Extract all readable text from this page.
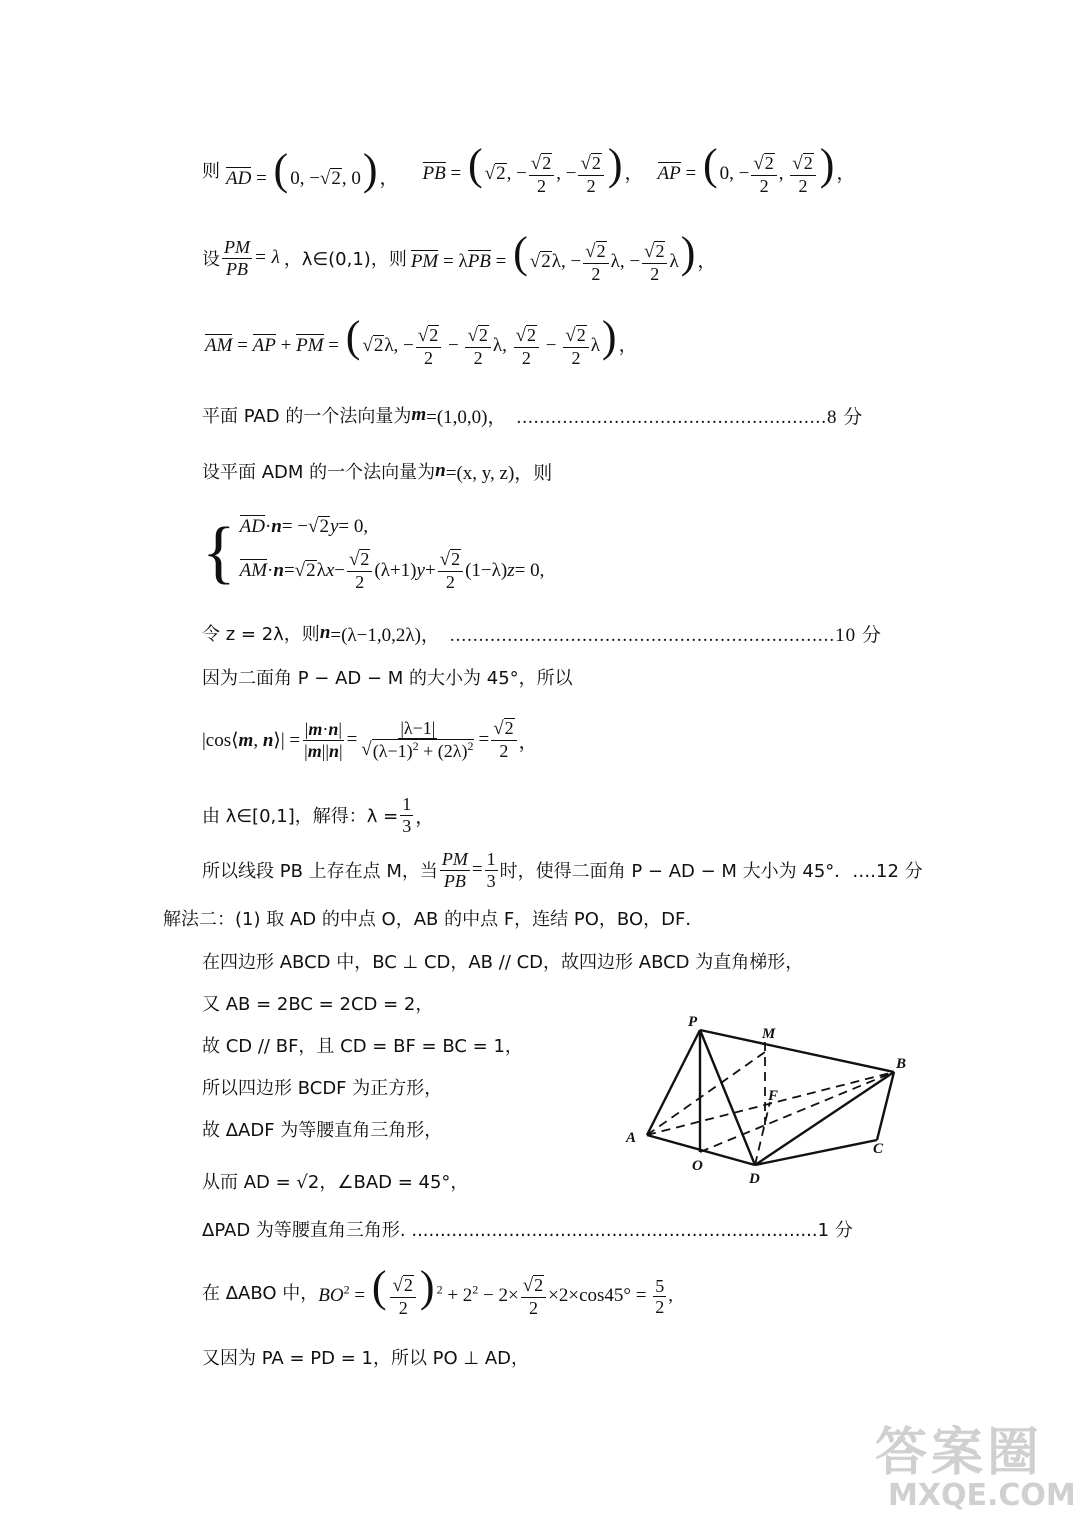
则 AD = ( 0, − √ 2 , 0) ， PB = ( √ 2 , − $\frac{√ 2}{2}$ , − $\frac{√ 2}{2}$ ) ， AP = ( 0, − $\frac{√ 2}{2}$ , $\frac{√ 2}{2}$ ) ，
设 $\frac{PM}{PB} = \lambda$ ，λ∈(0,1)，则 PM = λPB = ( √ 2 λ, − $\frac{√ 2}{2} \lambda$, − $\frac{√ 2}{2} \lambda$) ，
AM = AP + PM = ( √ 2 λ, − $\frac{√ 2}{2} - \frac{√ 2}{2} \lambda$, $\frac{√ 2}{2} - \frac{√ 2}{2} \lambda$) ，
平面 PAD 的一个法向量为 m =(1,0,0)， ......................................................8 分
设平面 ADM 的一个法向量为 n =(x, y, z)，则
{ AD · n = − √ 2 y = 0,
AM · n = √ 2 λ $x - \frac{√ 2}{2} (\lambda+1) y + \frac{√ 2}{2} (1-\lambda) z = 0$,
令 z = 2λ，则 n =(λ−1,0,2λ)， ...................................................................10 分
因为二面角 P − AD − M 的大小为 45°，所以
|cos⟨m, n⟩| = $\frac{|m\cdot n|}{|m||n|} = \frac{|\lambda-1|}{√ (\lambda-1)^2 + (2\lambda)^2} = \frac{√ 2}{2}$ ，
由 λ∈[0,1]，解得：$\lambda = \frac{1}{3}$ ，
所以线段 PB 上存在点 M，当 $\frac{PM}{PB} = \frac{1}{3}$ 时，使得二面角 P − AD − M 大小为 45°．….12 分
解法二：(1) 取 AD 的中点 O，AB 的中点 F，连结 PO，BO，DF．
在四边形 ABCD 中，BC ⊥ CD，AB // CD，故四边形 ABCD 为直角梯形，
又 AB = 2BC = 2CD = 2，
故 CD // BF，且 CD = BF = BC = 1，
所以四边形 BCDF 为正方形，
故 ΔADF 为等腰直角三角形，
从而 AD = √2，∠BAD = 45°，
ΔPAD 为等腰直角三角形. .......................................................................1 分
在 ΔABO 中， $BO^2$ = ( $\frac{√ 2}{2}$ ) $^2 + 2^2 - 2\times \frac{√ 2}{2} \times 2\times\cos 45^\circ = \frac{5}{2}$ ,
又因为 PA = PD = 1，所以 PO ⊥ AD，
P
M
B
A
F
O
D
C
答案圈
MXQE.COM
